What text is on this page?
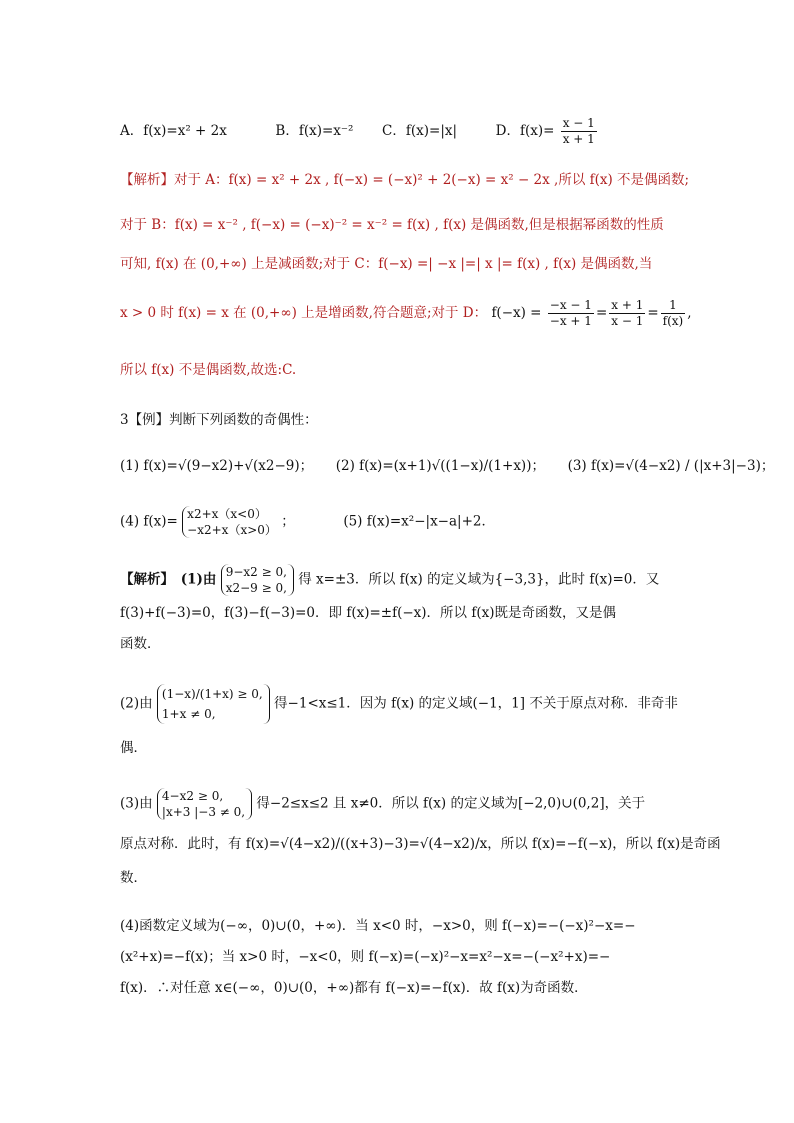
A．f(x)=x² + 2x	B．f(x)=x⁻² C．f(x)=|x|	D．$f(x)= \frac{x - 1}{x + 1}$
【解析】对于 A：f(x) = x² + 2x , f(−x) = (−x)² + 2(−x) = x² − 2x ,所以 f(x) 不是偶函数;
对于 B：f(x) = x⁻² , f(−x) = (−x)⁻² = x⁻² = f(x) , f(x) 是偶函数,但是根据幂函数的性质
可知, f(x) 在 (0,+∞) 上是减函数;对于 C：f(−x) =| −x |=| x |= f(x) , f(x) 是偶函数,当
x > 0 时 f(x) = x 在 (0,+∞) 上是增函数,符合题意;对于 D： $f(-x) = \frac{-x - 1}{-x + 1} = \frac{x + 1}{x - 1} = \frac{1}{f(x)}$ ,
所以 f(x) 不是偶函数,故选:C.
3【例】判断下列函数的奇偶性：
(1) f(x)=√(9−x2)+√(x2−9)； (2) f(x)=(x+1)√((1−x)/(1+x))； (3) f(x)=√(4−x2) / (|x+3|−3)；
(4) f(x)= x2+x（x<0）
−x2+x（x>0）
；	(5) f(x)=x²−|x−a|+2．
【解析】　(1)由 9−x2 ≥ 0,
x2−9 ≥ 0,
得 x=±3．所以 f(x) 的定义域为{−3,3}，此时 f(x)=0．又
f(3)+f(−3)=0，f(3)−f(−3)=0．即 f(x)=±f(−x)．所以 f(x)既是奇函数，又是偶
函数．
(2)由
(1−x)/(1+x) ≥ 0,
1+x ≠ 0,
得−1<x≤1．因为 f(x) 的定义域(−1，1] 不关于原点对称．非奇非
偶．
(3)由 4−x2 ≥ 0,
|x+3 |−3 ≠ 0,
得−2≤x≤2 且 x≠0．所以 f(x) 的定义域为[−2,0)∪(0,2]，关于
原点对称．此时，有 f(x)=√(4−x2)/((x+3)−3)=√(4−x2)/x，所以 f(x)=−f(−x)，所以 f(x)是奇函
数．
(4)函数定义域为(−∞，0)∪(0，+∞)．当 x<0 时，−x>0，则 f(−x)=−(−x)²−x=−
(x²+x)=−f(x)；当 x>0 时，−x<0，则 f(−x)=(−x)²−x=x²−x=−(−x²+x)=−
f(x)．∴对任意 x∈(−∞，0)∪(0，+∞)都有 f(−x)=−f(x)．故 f(x)为奇函数．
